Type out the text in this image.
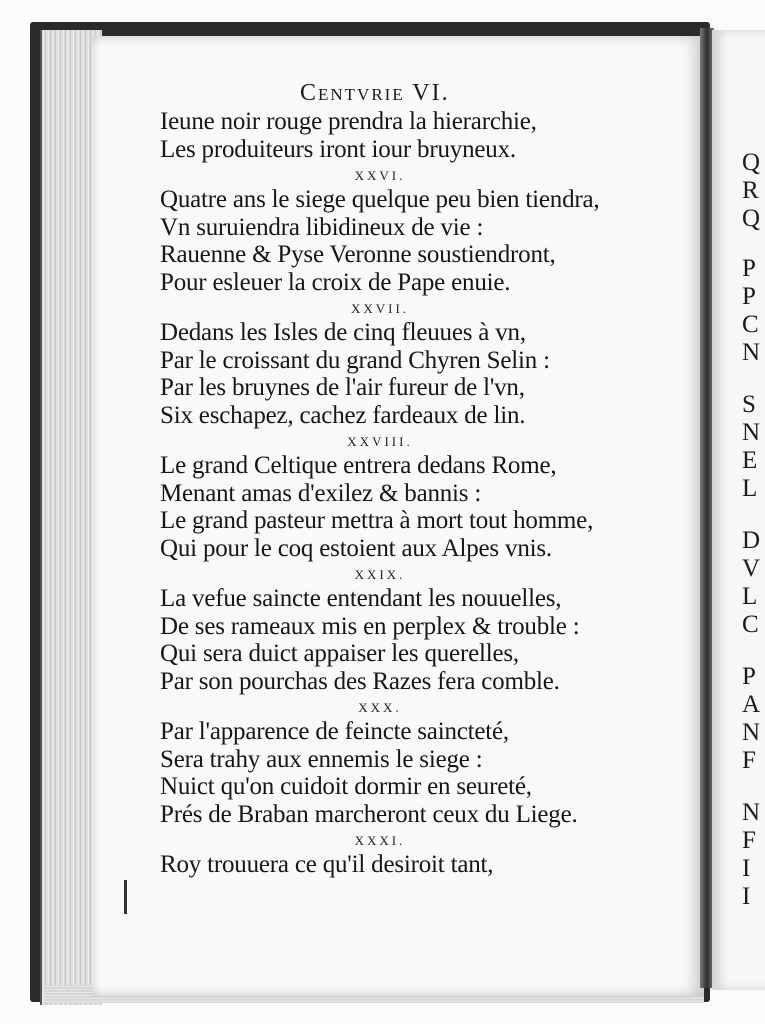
Q
R
Q
P
P
C
N
S
N
E
L
D
V
L
C
P
A
N
F
N
F
I
I
Centvrie VI.
Ieune noir rouge prendra la hierarchie,
Les produiteurs iront iour bruyneux.
XXVI.
Quatre ans le siege quelque peu bien tiendra,
Vn suruiendra libidineux de vie :
Rauenne & Pyse Veronne soustiendront,
Pour esleuer la croix de Pape enuie.
XXVII.
Dedans les Isles de cinq fleuues à vn,
Par le croissant du grand Chyren Selin :
Par les bruynes de l'air fureur de l'vn,
Six eschapez, cachez fardeaux de lin.
XXVIII.
Le grand Celtique entrera dedans Rome,
Menant amas d'exilez & bannis :
Le grand pasteur mettra à mort tout homme,
Qui pour le coq estoient aux Alpes vnis.
XXIX.
La vefue saincte entendant les nouuelles,
De ses rameaux mis en perplex & trouble :
Qui sera duict appaiser les querelles,
Par son pourchas des Razes fera comble.
XXX.
Par l'apparence de feincte saincteté,
Sera trahy aux ennemis le siege :
Nuict qu'on cuidoit dormir en seureté,
Prés de Braban marcheront ceux du Liege.
XXXI.
Roy trouuera ce qu'il desiroit tant,
